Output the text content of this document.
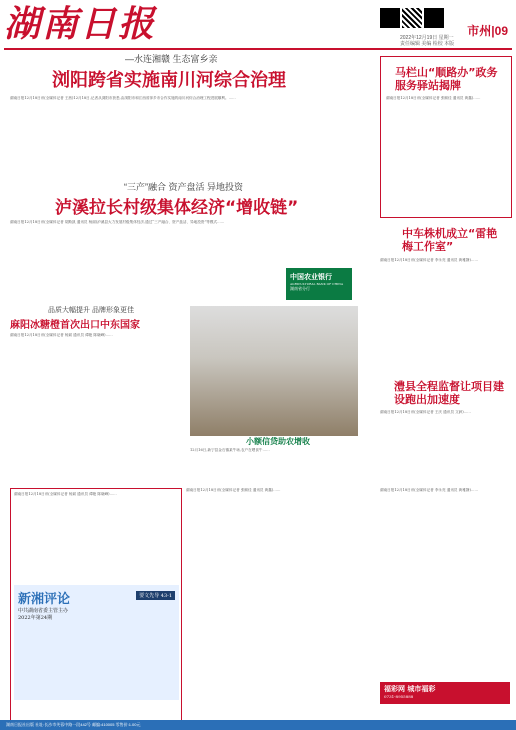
湖南日报	2022年12月19日 星期一
责任编辑 美编 检校 本版
市州|09
—水连湘赣 生态富乡亲
浏阳跨省实施南川河综合治理
湖南日报12月18日讯(全媒体记者 王茜)12月18日,记者从浏阳市获悉,由浏阳市和江西省萍乡市合作实施的南川河综合治理工程进展顺利。……
“三产”融合 资产盘活 异地投资
泸溪拉长村级集体经济“增收链”
湖南日报12月18日讯(全媒体记者 胡斯凯 通讯员 杨丽)泸溪县大力发展村级集体经济,通过“三产融合、资产盘活、异地投资”等模式……
中国农业银行
AGRICULTURAL BANK OF CHINA
湖南省分行
品质大幅提升 品牌形象更佳
麻阳冰糖橙首次出口中东国家
湖南日报12月18日讯(全媒体记者 杨斌 通讯员 谭艳 陈晓峰)……
小额信贷助农增收
12月16日,新宁县金石镇某牛场,农户在喂食牛……
马栏山“顺路办”政务服务驿站揭牌
湖南日报12月18日讯(全媒体记者 张颐佳 通讯员 黄鑫)……
中车株机成立“雷艳梅工作室”
湖南日报12月18日讯(全媒体记者 李永亮 通讯员 黄雅静)……
澧县全程监督让项目建设跑出加速度
湖南日报12月18日讯(全媒体记者 王庆 通讯员 文润)……
湖南日报12月18日讯(全媒体记者 杨斌 通讯员 谭艳 陈晓峰)……
新湘评论
中共湖南省委主管主办
2022年第24期
要文先导 43-1
湖南日报12月18日讯(全媒体记者 张颐佳 通讯员 黄鑫)……	湖南日报12月18日讯(全媒体记者 李永亮 通讯员 黄雅静)……
福彩网 城市福彩
0731-8955888
湖南日报社出版 社址:长沙市芙蓉中路一段442号 邮编:410005 零售价:1.00元
